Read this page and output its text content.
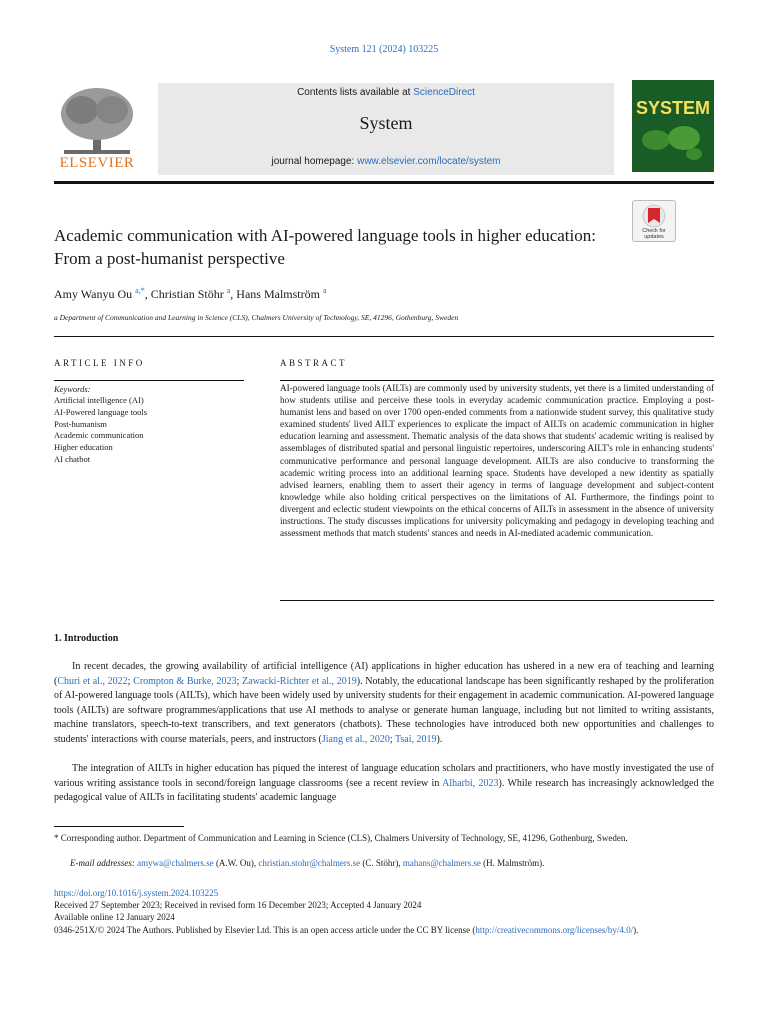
System 121 (2024) 103225
ELSEVIER
Contents lists available at ScienceDirect
System
journal homepage: www.elsevier.com/locate/system
SYSTEM
Check for updates
Academic communication with AI-powered language tools in higher education: From a post-humanist perspective
Amy Wanyu Ou $^{a,*}$, Christian Stöhr $^a$, Hans Malmström $^a$
a Department of Communication and Learning in Science (CLS), Chalmers University of Technology, SE, 41296, Gothenburg, Sweden
ARTICLE INFO
Keywords:
Artificial intelligence (AI)
AI-Powered language tools
Post-humanism
Academic communication
Higher education
AI chatbot
ABSTRACT
AI-powered language tools (AILTs) are commonly used by university students, yet there is a limited understanding of how students utilise and perceive these tools in everyday academic communication practice. Employing a post-humanist lens and based on over 1700 open-ended comments from a nationwide student survey, this qualitative study examined students' lived AILT experiences to explicate the impact of AILTs on academic communication in higher education learning and assessment. Thematic analysis of the data shows that students' academic writing is realised by assemblages of distributed spatial and personal linguistic repertoires, underscoring AILT's role in enhancing students' communicative performance and personal language development. AILTs are also conducive to transforming the academic writing process into an additional learning space. Students have developed a new identity as spatially advised learners, enabling them to assert their agency in terms of language development and subject-content knowledge while also holding critical perspectives on the limitations of AI. Furthermore, the findings point to divergent and eclectic student viewpoints on the ethical concerns of AILTs in assessment in the absence of university instructions. The study discusses implications for university policymaking and pedagogy in developing teaching and assessment methods that match students' stances and needs in AI-mediated academic communication.
1. Introduction
In recent decades, the growing availability of artificial intelligence (AI) applications in higher education has ushered in a new era of teaching and learning (Churi et al., 2022; Crompton & Burke, 2023; Zawacki-Richter et al., 2019). Notably, the educational landscape has been significantly reshaped by the proliferation of AI-powered language tools (AILTs), which have been widely used by university students for their engagement in academic communication. AI-powered language tools (AILTs) are software programmes/applications that use AI methods to analyse or generate human language, including but not limited to writing assistants, machine translators, speech-to-text transcribers, and text generators (chatbots). These technologies have introduced both new opportunities and challenges to students' interactions with course materials, peers, and instructors (Jiang et al., 2020; Tsai, 2019).
The integration of AILTs in higher education has piqued the interest of language education scholars and practitioners, who have mostly investigated the use of various writing assistance tools in second/foreign language classrooms (see a recent review in Alharbi, 2023). While research has increasingly acknowledged the pedagogical value of AILTs in facilitating students' academic language
* Corresponding author. Department of Communication and Learning in Science (CLS), Chalmers University of Technology, SE, 41296, Gothenburg, Sweden.
E-mail addresses: amywa@chalmers.se (A.W. Ou), christian.stohr@chalmers.se (C. Stöhr), mahans@chalmers.se (H. Malmström).
https://doi.org/10.1016/j.system.2024.103225
Received 27 September 2023; Received in revised form 16 December 2023; Accepted 4 January 2024
Available online 12 January 2024
0346-251X/© 2024 The Authors. Published by Elsevier Ltd. This is an open access article under the CC BY license (http://creativecommons.org/licenses/by/4.0/).
